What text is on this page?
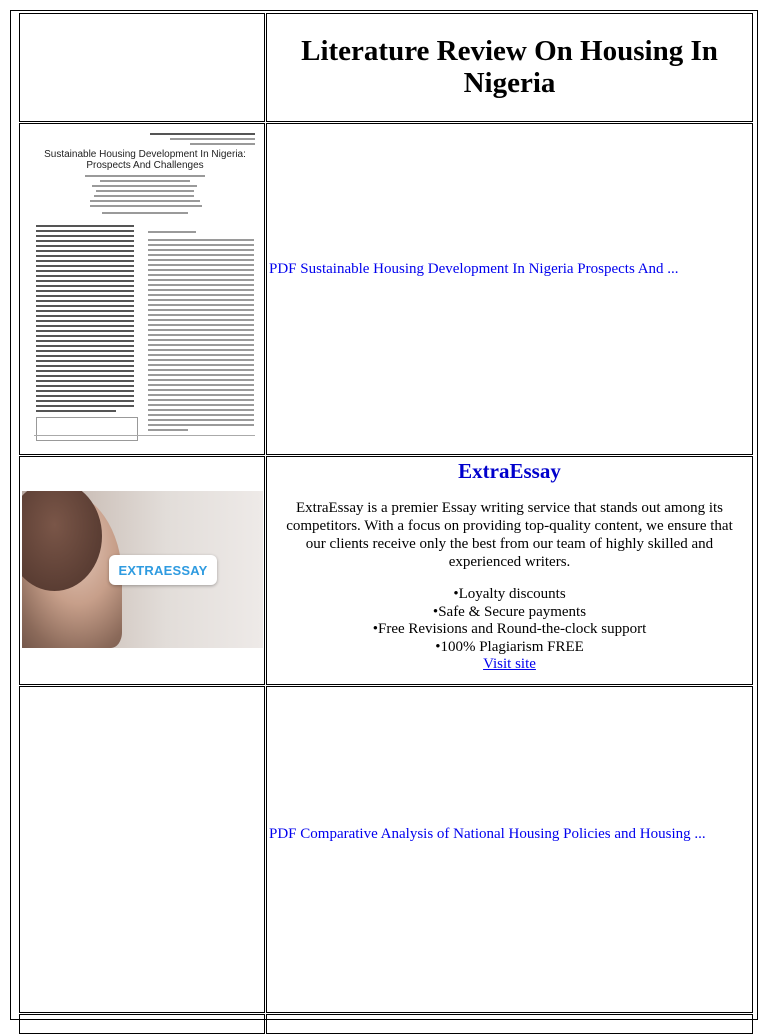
Literature Review On Housing In Nigeria
Sustainable Housing Development In Nigeria: Prospects And Challenges
PDF Sustainable Housing Development In Nigeria Prospects And ...
EXTRAESSAY
ExtraEssay
ExtraEssay is a premier Essay writing service that stands out among its competitors. With a focus on providing top-quality content, we ensure that our clients receive only the best from our team of highly skilled and experienced writers.
• Loyalty discounts
• Safe & Secure payments
• Free Revisions and Round-the-clock support
• 100% Plagiarism FREE
Visit site
PDF Comparative Analysis of National Housing Policies and Housing ...
